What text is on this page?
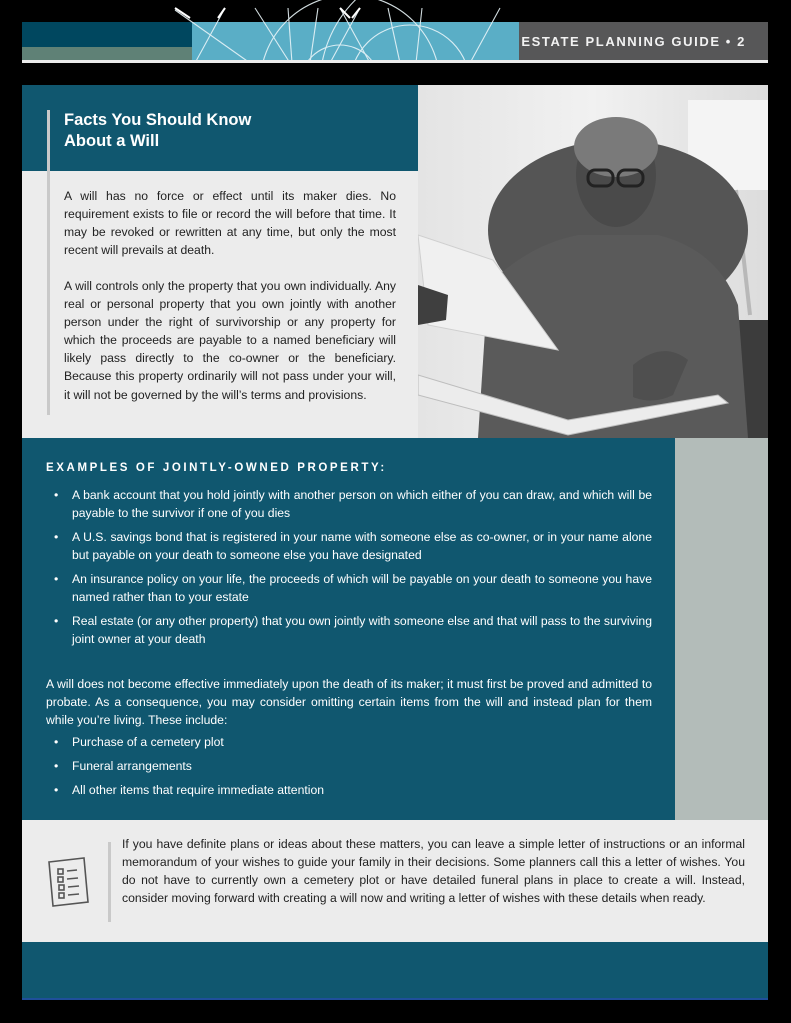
ESTATE PLANNING GUIDE • 2
Facts You Should Know
About a Will
A will has no force or effect until its maker dies. No requirement exists to file or record the will before that time. It may be revoked or rewritten at any time, but only the most recent will prevails at death.
A will controls only the property that you own individually. Any real or personal property that you own jointly with another person under the right of survivorship or any property for which the proceeds are payable to a named beneficiary will likely pass directly to the co-owner or the beneficiary. Because this property ordinarily will not pass under your will, it will not be governed by the will’s terms and provisions.
EXAMPLES OF JOINTLY-OWNED PROPERTY:
• A bank account that you hold jointly with another person on which either of you can draw, and which will be payable to the survivor if one of you dies
• A U.S. savings bond that is registered in your name with someone else as co-owner, or in your name alone but payable on your death to someone else you have designated
• An insurance policy on your life, the proceeds of which will be payable on your death to someone you have named rather than to your estate
• Real estate (or any other property) that you own jointly with someone else and that will pass to the surviving joint owner at your death
A will does not become effective immediately upon the death of its maker; it must first be proved and admitted to probate. As a consequence, you may consider omitting certain items from the will and instead plan for them while you’re living. These include:
• Purchase of a cemetery plot
• Funeral arrangements
• All other items that require immediate attention
If you have definite plans or ideas about these matters, you can leave a simple letter of instructions or an informal memorandum of your wishes to guide your family in their decisions. Some planners call this a letter of wishes. You do not have to currently own a cemetery plot or have detailed funeral plans in place to create a will. Instead, consider moving forward with creating a will now and writing a letter of wishes with these details when ready.
